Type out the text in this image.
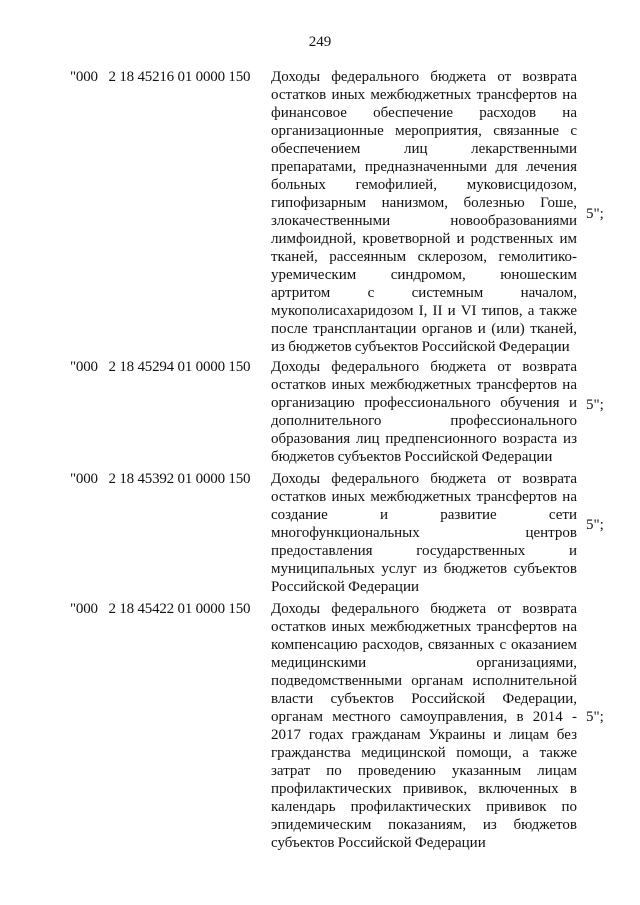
249
"000   2 18 45216 01 0000 150 Доходы федерального бюджета от возврата остатков иных межбюджетных трансфертов на финансовое обеспечение расходов на организационные мероприятия, связанные с обеспечением лиц лекарственными препаратами, предназначенными для лечения больных гемофилией, муковисцидозом, гипофизарным нанизмом, болезнью Гоше, злокачественными новообразованиями лимфоидной, кроветворной и родственных им тканей, рассеянным склерозом, гемолитико-уремическим синдромом, юношеским артритом с системным началом, мукополисахаридозом I, II и VI типов, а также после трансплантации органов и (или) тканей, из бюджетов субъектов Российской Федерации
5";
"000   2 18 45294 01 0000 150 Доходы федерального бюджета от возврата остатков иных межбюджетных трансфертов на организацию профессионального обучения и дополнительного профессионального образования лиц предпенсионного возраста из бюджетов субъектов Российской Федерации
5";
"000   2 18 45392 01 0000 150 Доходы федерального бюджета от возврата остатков иных межбюджетных трансфертов на создание и развитие сети многофункциональных центров предоставления государственных и муниципальных услуг из бюджетов субъектов Российской Федерации
5";
"000   2 18 45422 01 0000 150 Доходы федерального бюджета от возврата остатков иных межбюджетных трансфертов на компенсацию расходов, связанных с оказанием медицинскими организациями, подведомственными органам исполнительной власти субъектов Российской Федерации, органам местного самоуправления, в 2014 - 2017 годах гражданам Украины и лицам без гражданства медицинской помощи, а также затрат по проведению указанным лицам профилактических прививок, включенных в календарь профилактических прививок по эпидемическим показаниям, из бюджетов субъектов Российской Федерации
5";
